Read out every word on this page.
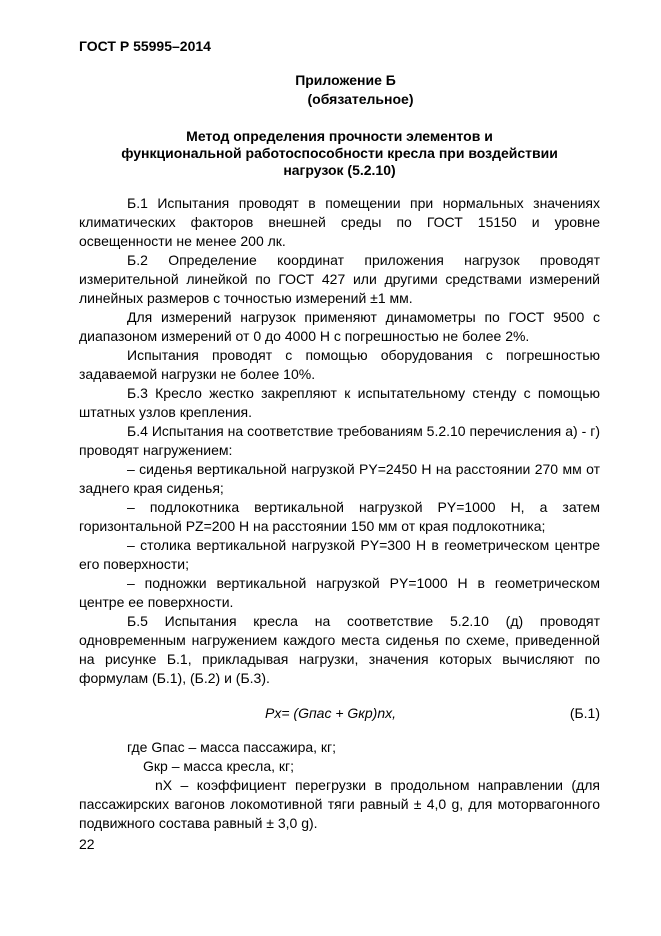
ГОСТ Р 55995–2014
Приложение Б
(обязательное)
Метод определения прочности элементов и
функциональной работоспособности кресла при воздействии
нагрузок (5.2.10)

Б.1 Испытания проводят в помещении при нормальных значениях климатических факторов внешней среды по ГОСТ 15150 и уровне освещенности не менее 200 лк.

Б.2 Определение координат приложения нагрузок проводят измерительной линейкой по ГОСТ 427 или другими средствами измерений линейных размеров с точностью измерений ±1 мм.

Для измерений нагрузок применяют динамометры по ГОСТ 9500 с диапазоном измерений от 0 до 4000 Н с погрешностью не более 2%.

Испытания проводят с помощью оборудования с погрешностью задаваемой нагрузки не более 10%.

Б.3 Кресло жестко закрепляют к испытательному стенду с помощью штатных узлов крепления.

Б.4 Испытания на соответствие требованиям 5.2.10 перечисления а) - г) проводят нагружением:

– сиденья вертикальной нагрузкой PY=2450 Н на расстоянии 270 мм от заднего края сиденья;

– подлокотника вертикальной нагрузкой PY=1000 Н, а затем горизонтальной PZ=200 Н на расстоянии 150 мм от края подлокотника;

– столика вертикальной нагрузкой PY=300 Н в геометрическом центре его поверхности;

– подножки вертикальной нагрузкой PY=1000 Н в геометрическом центре ее поверхности.

Б.5 Испытания кресла на соответствие 5.2.10 (д) проводят одновременным нагружением каждого места сиденья по схеме, приведенной на рисунке Б.1, прикладывая нагрузки, значения которых вычисляют по формулам (Б.1), (Б.2) и (Б.3).

Px= (Gпас + Gкр)nx,	(Б.1)
где Gпас – масса пассажира, кг;
Gкр – масса кресла, кг;
nX – коэффициент перегрузки в продольном направлении (для пассажирских вагонов локомотивной тяги равный ± 4,0 g, для моторвагонного подвижного состава равный ± 3,0 g).
22
